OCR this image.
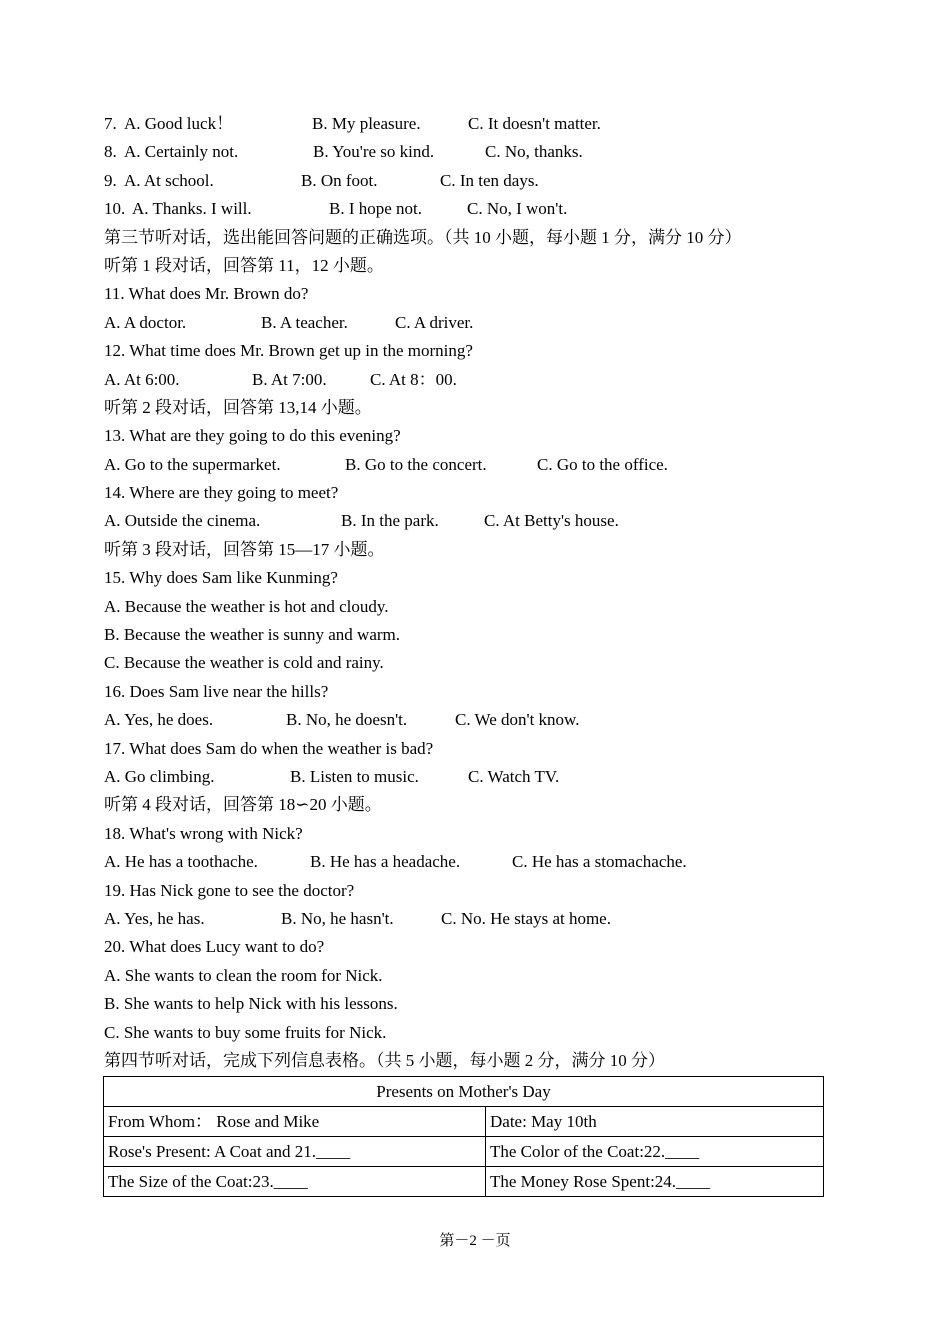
7. A. Good luck！	B. My pleasure.	C. It doesn't matter.
8. A. Certainly not.	B. You're so kind.	C. No, thanks.
9. A. At school.	B. On foot.	C. In ten days.
10. A. Thanks. I will.	B. I hope not.	C. No, I won't.
第三节听对话，选出能回答问题的正确选项。（共 10 小题，每小题 1 分，满分 10 分）
听第 1 段对话，回答第 11，12 小题。
11. What does Mr. Brown do?
A. A doctor.	B. A teacher.	C. A driver.
12. What time does Mr. Brown get up in the morning?
A. At 6:00.	B. At 7:00.	C. At 8：00.
听第 2 段对话，回答第 13,14 小题。
13. What are they going to do this evening?
A. Go to the supermarket.	B. Go to the concert.	C. Go to the office.
14. Where are they going to meet?
A. Outside the cinema.	B. In the park.	C. At Betty's house.
听第 3 段对话，回答第 15—17 小题。
15. Why does Sam like Kunming?
A. Because the weather is hot and cloudy.
B. Because the weather is sunny and warm.
C. Because the weather is cold and rainy.
16. Does Sam live near the hills?
A. Yes, he does.	B. No, he doesn't.	C. We don't know.
17. What does Sam do when the weather is bad?
A. Go climbing.	B. Listen to music.	C. Watch TV.
听第 4 段对话，回答第 18∽20 小题。
18. What's wrong with Nick?
A. He has a toothache.	B. He has a headache.	C. He has a stomachache.
19. Has Nick gone to see the doctor?
A. Yes, he has.	B. No, he hasn't.	C. No. He stays at home.
20. What does Lucy want to do?
A. She wants to clean the room for Nick.
B. She wants to help Nick with his lessons.
C. She wants to buy some fruits for Nick.
第四节听对话，完成下列信息表格。（共 5 小题，每小题 2 分，满分 10 分）
Presents on Mother's Day	
From Whom： Rose and Mike	Date: May 10th
Rose's Present: A Coat and 21.____	The Color of the Coat:22.____
The Size of the Coat:23.____	The Money Rose Spent:24.____
第－2 －页
